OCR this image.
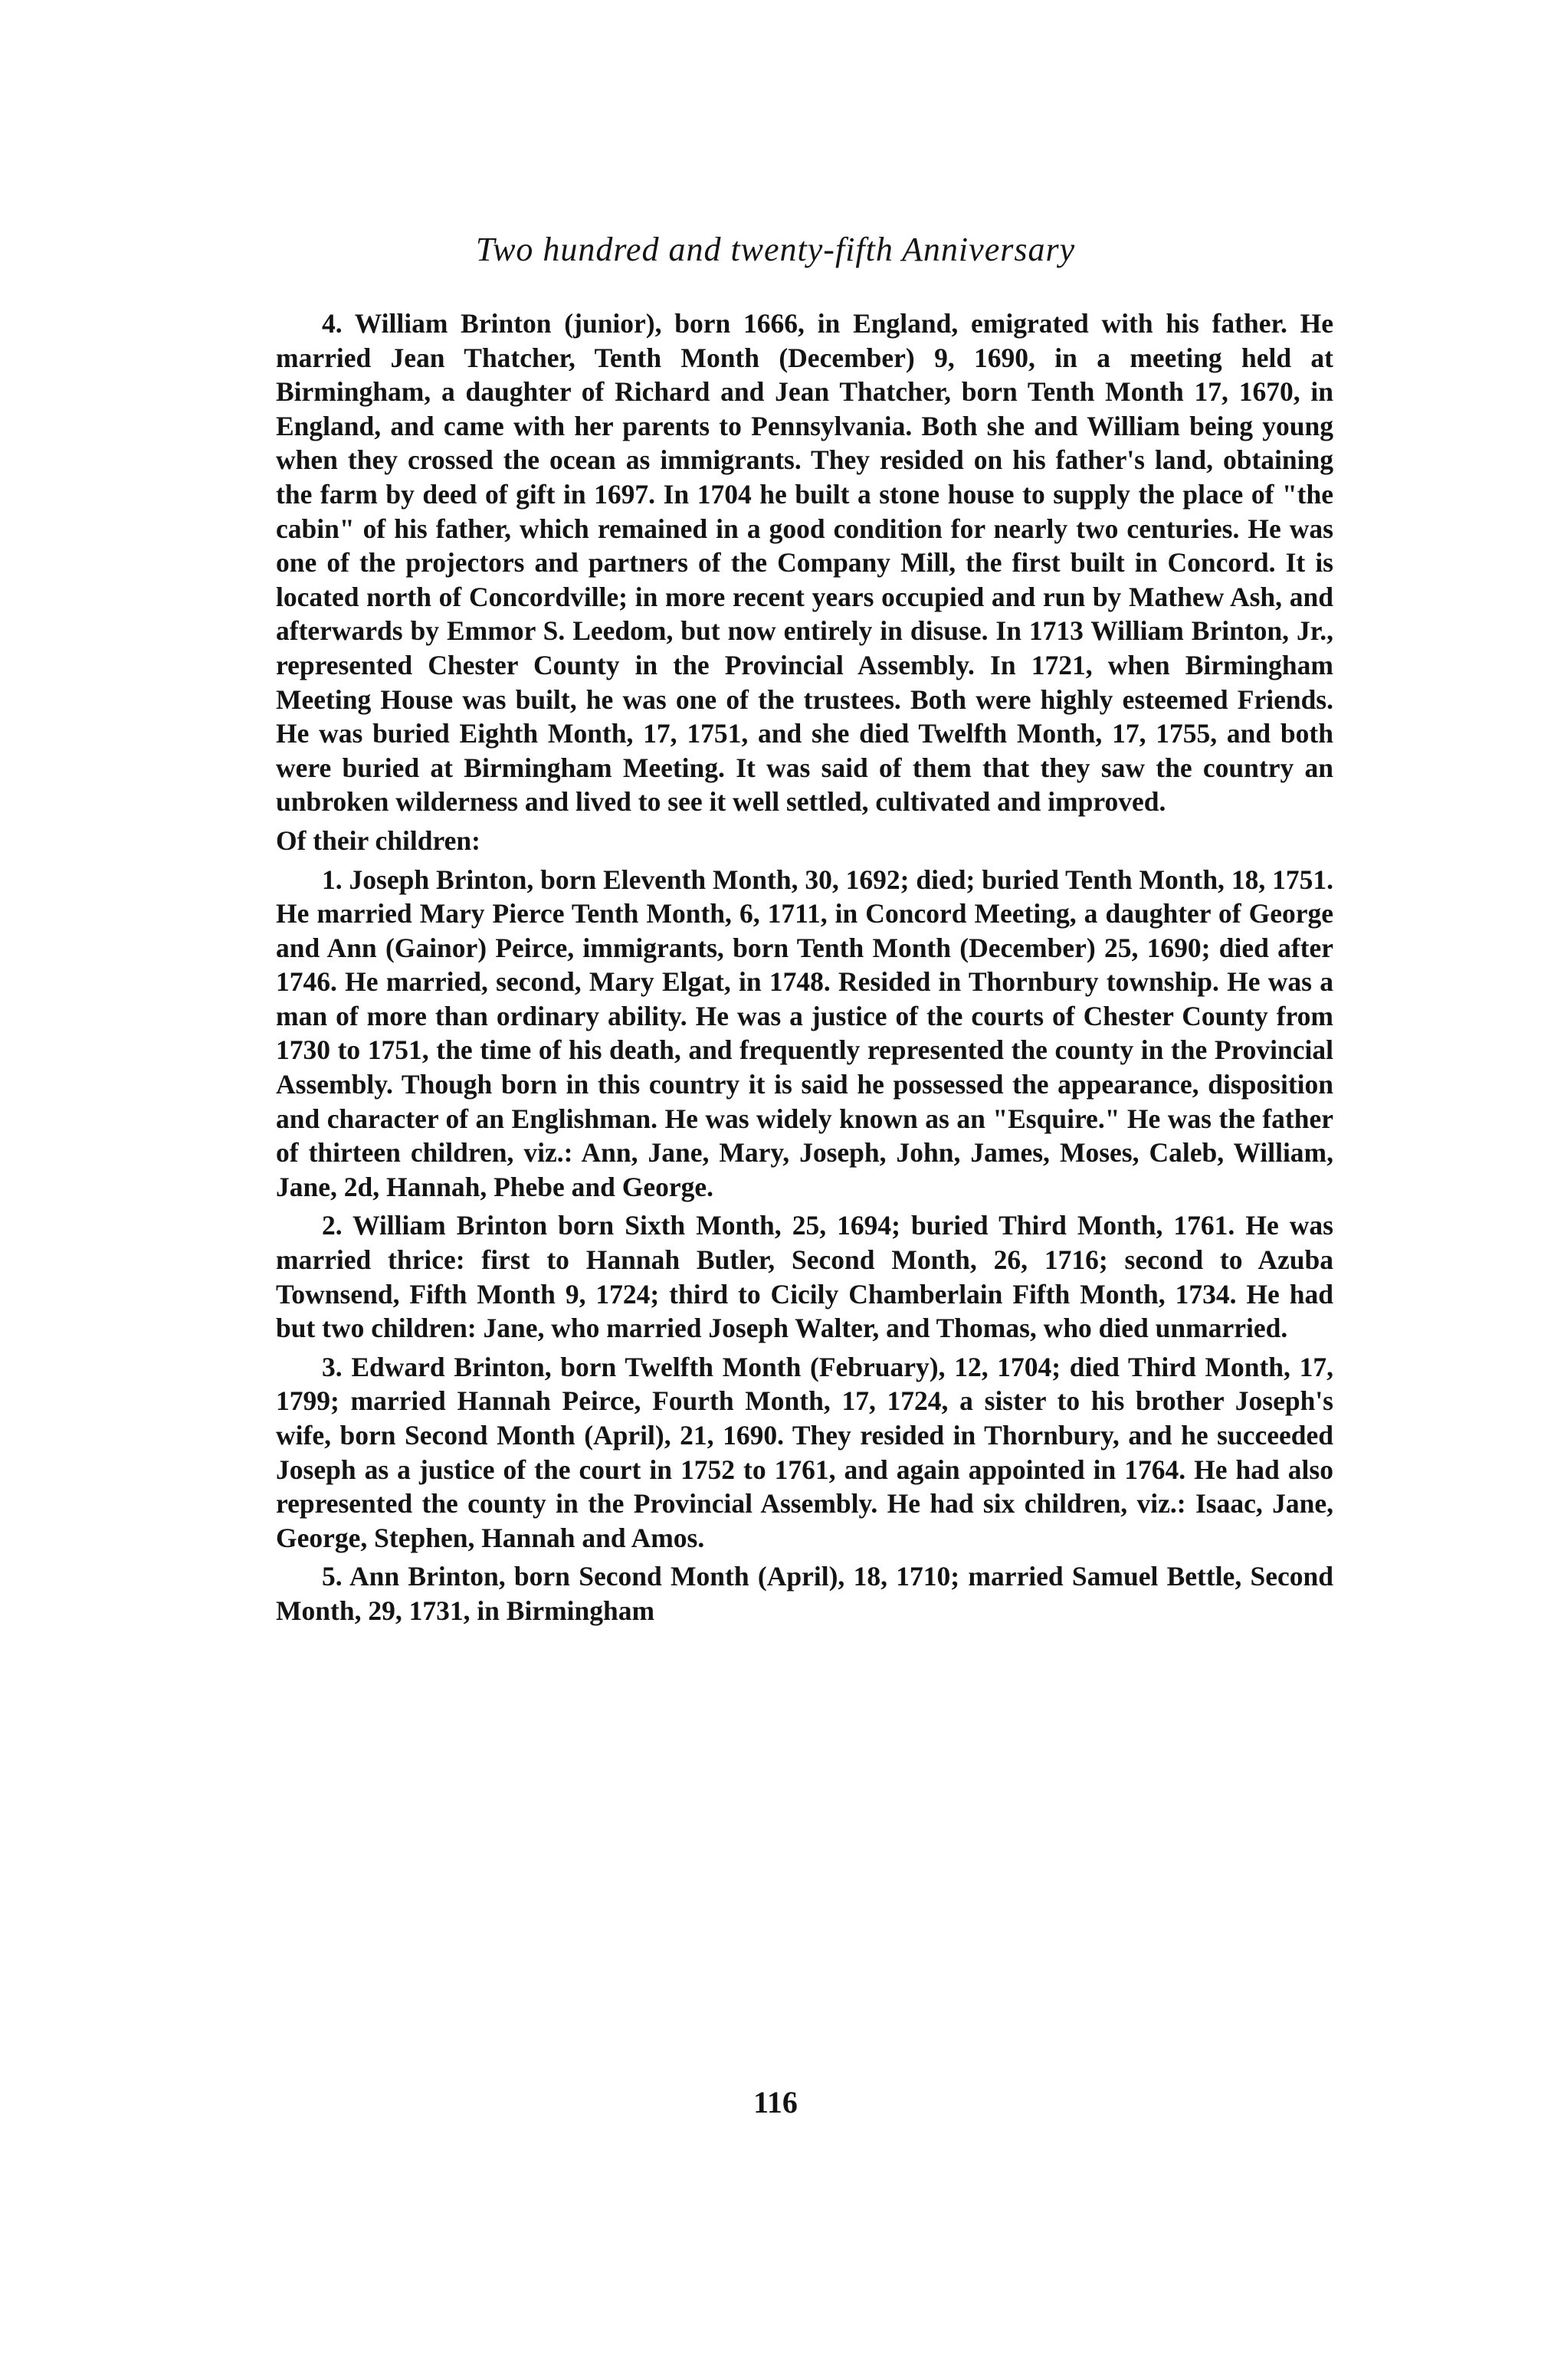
Two hundred and twenty-fifth Anniversary

4. William Brinton (junior), born 1666, in England, emigrated with his father. He married Jean Thatcher, Tenth Month (December) 9, 1690, in a meeting held at Birmingham, a daughter of Richard and Jean Thatcher, born Tenth Month 17, 1670, in England, and came with her parents to Pennsylvania. Both she and William being young when they crossed the ocean as immigrants. They resided on his father's land, obtaining the farm by deed of gift in 1697. In 1704 he built a stone house to supply the place of "the cabin" of his father, which remained in a good condition for nearly two centuries. He was one of the projectors and partners of the Company Mill, the first built in Concord. It is located north of Concordville; in more recent years occupied and run by Mathew Ash, and afterwards by Emmor S. Leedom, but now entirely in disuse. In 1713 William Brinton, Jr., represented Chester County in the Provincial Assembly. In 1721, when Birmingham Meeting House was built, he was one of the trustees. Both were highly esteemed Friends. He was buried Eighth Month, 17, 1751, and she died Twelfth Month, 17, 1755, and both were buried at Birmingham Meeting. It was said of them that they saw the country an unbroken wilderness and lived to see it well settled, cultivated and improved.

Of their children:

1. Joseph Brinton, born Eleventh Month, 30, 1692; died; buried Tenth Month, 18, 1751. He married Mary Pierce Tenth Month, 6, 1711, in Concord Meeting, a daughter of George and Ann (Gainor) Peirce, immigrants, born Tenth Month (December) 25, 1690; died after 1746. He married, second, Mary Elgat, in 1748. Resided in Thornbury township. He was a man of more than ordinary ability. He was a justice of the courts of Chester County from 1730 to 1751, the time of his death, and frequently represented the county in the Provincial Assembly. Though born in this country it is said he possessed the appearance, disposition and character of an Englishman. He was widely known as an "Esquire." He was the father of thirteen children, viz.: Ann, Jane, Mary, Joseph, John, James, Moses, Caleb, William, Jane, 2d, Hannah, Phebe and George.

2. William Brinton born Sixth Month, 25, 1694; buried Third Month, 1761. He was married thrice: first to Hannah Butler, Second Month, 26, 1716; second to Azuba Townsend, Fifth Month 9, 1724; third to Cicily Chamberlain Fifth Month, 1734. He had but two children: Jane, who married Joseph Walter, and Thomas, who died unmarried.

3. Edward Brinton, born Twelfth Month (February), 12, 1704; died Third Month, 17, 1799; married Hannah Peirce, Fourth Month, 17, 1724, a sister to his brother Joseph's wife, born Second Month (April), 21, 1690. They resided in Thornbury, and he succeeded Joseph as a justice of the court in 1752 to 1761, and again appointed in 1764. He had also represented the county in the Provincial Assembly. He had six children, viz.: Isaac, Jane, George, Stephen, Hannah and Amos.

5. Ann Brinton, born Second Month (April), 18, 1710; married Samuel Bettle, Second Month, 29, 1731, in Birmingham

116
